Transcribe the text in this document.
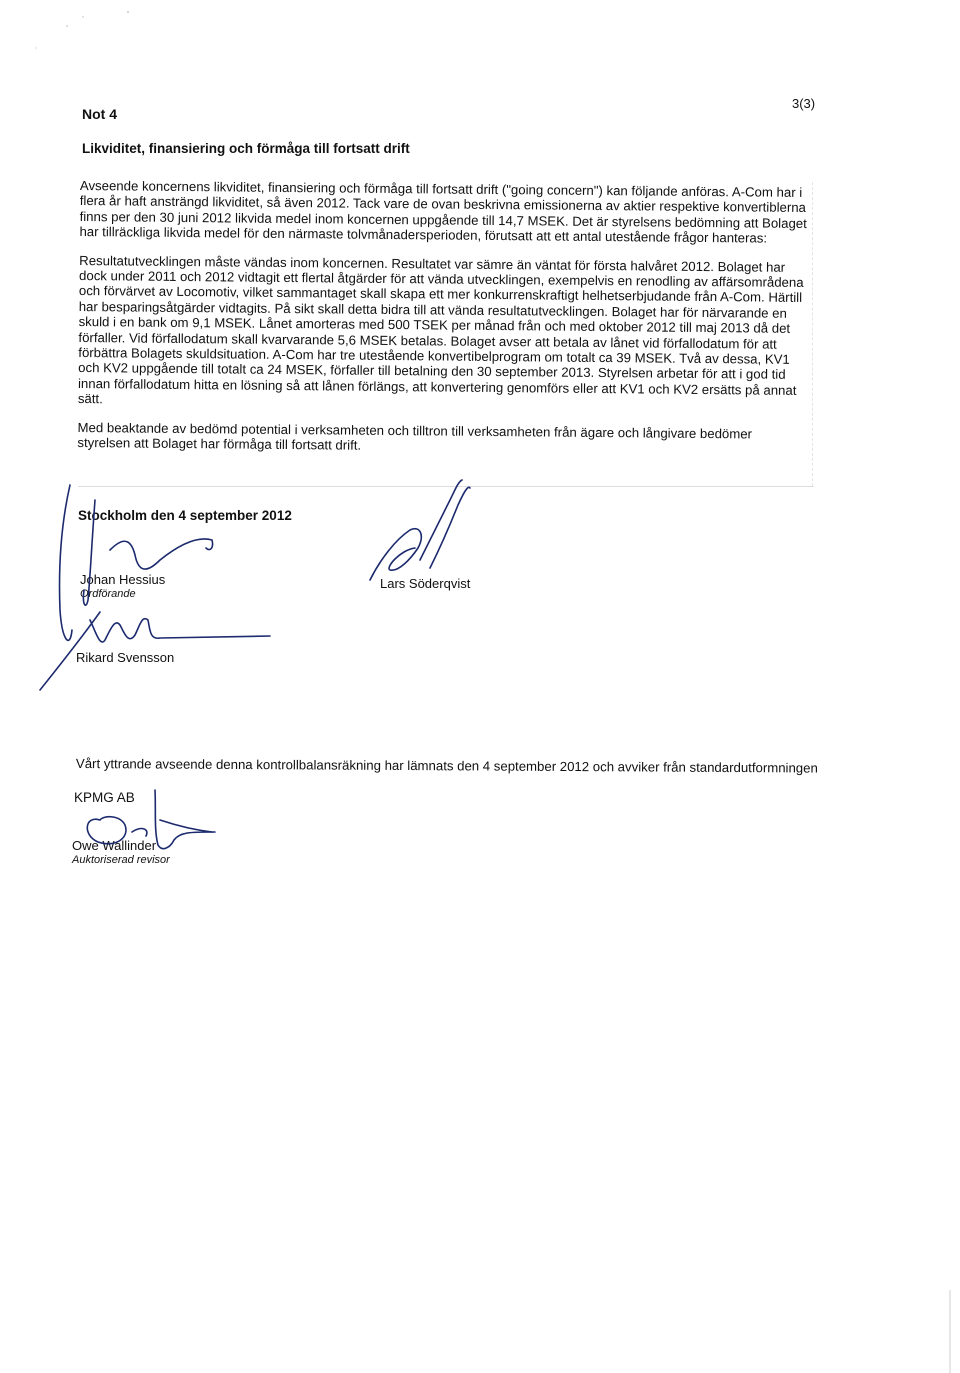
3(3)
Not 4
Likviditet, finansiering och förmåga till fortsatt drift

Avseende koncernens likviditet, finansiering och förmåga till fortsatt drift ("going concern") kan följande anföras. A-Com har i flera år haft ansträngd likviditet, så även 2012. Tack vare de ovan beskrivna emissionerna av aktier respektive konvertiblerna finns per den 30 juni 2012 likvida medel inom koncernen uppgående till 14,7 MSEK. Det är styrelsens bedömning att Bolaget har tillräckliga likvida medel för den närmaste tolvmånadersperioden, förutsatt att ett antal utestående frågor hanteras:

Resultatutvecklingen måste vändas inom koncernen. Resultatet var sämre än väntat för första halvåret 2012. Bolaget har dock under 2011 och 2012 vidtagit ett flertal åtgärder för att vända utvecklingen, exempelvis en renodling av affärsområdena och förvärvet av Locomotiv, vilket sammantaget skall skapa ett mer konkurrenskraftigt helhetserbjudande från A-Com. Härtill har besparingsåtgärder vidtagits. På sikt skall detta bidra till att vända resultatutvecklingen. Bolaget har för närvarande en skuld i en bank om 9,1 MSEK. Lånet amorteras med 500 TSEK per månad från och med oktober 2012 till maj 2013 då det förfaller. Vid förfallodatum skall kvarvarande 5,6 MSEK betalas. Bolaget avser att betala av lånet vid förfallodatum för att förbättra Bolagets skuldsituation. A-Com har tre utestående konvertibelprogram om totalt ca 39 MSEK. Två av dessa, KV1 och KV2 uppgående till totalt ca 24 MSEK, förfaller till betalning den 30 september 2013. Styrelsen arbetar för att i god tid innan förfallodatum hitta en lösning så att lånen förlängs, att konvertering genomförs eller att KV1 och KV2 ersätts på annat sätt.

Med beaktande av bedömd potential i verksamheten och tilltron till verksamheten från ägare och långivare bedömer styrelsen att Bolaget har förmåga till fortsatt drift.

Stockholm den 4 september 2012
Johan Hessius
Ordförande
Lars Söderqvist
Rikard Svensson
Vårt yttrande avseende denna kontrollbalansräkning har lämnats den 4 september 2012 och avviker från standardutformningen
KPMG AB
Owe Wallinder
Auktoriserad revisor
